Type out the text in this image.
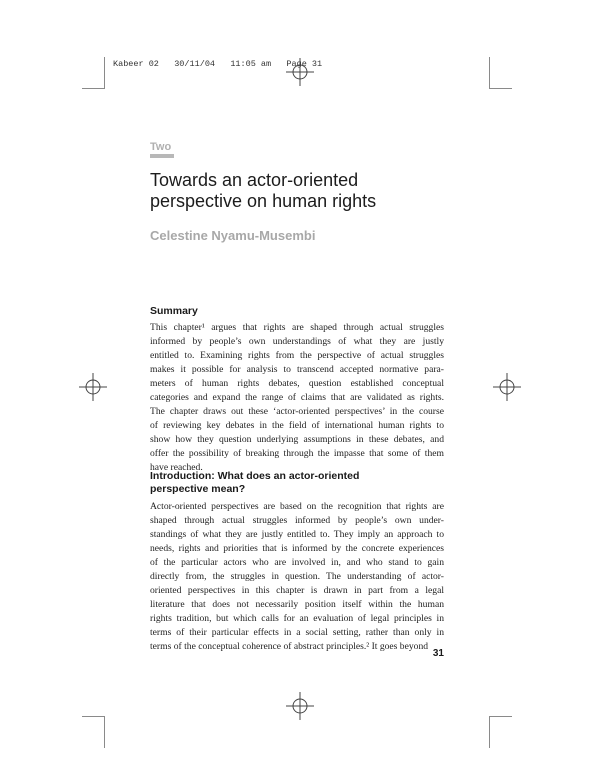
Kabeer 02   30/11/04   11:05 am   Page 31
Two
Towards an actor-oriented
perspective on human rights
Celestine Nyamu-Musembi
Summary
This chapter¹ argues that rights are shaped through actual struggles
informed by people’s own understandings of what they are justly
entitled to. Examining rights from the perspective of actual struggles
makes it possible for analysis to transcend accepted normative para-
meters of human rights debates, question established conceptual
categories and expand the range of claims that are validated as rights.
The chapter draws out these ‘actor-oriented perspectives’ in the course
of reviewing key debates in the field of international human rights to
show how they question underlying assumptions in these debates, and
offer the possibility of breaking through the impasse that some of them
have reached.
Introduction: What does an actor-oriented
perspective mean?
Actor-oriented perspectives are based on the recognition that rights are
shaped through actual struggles informed by people’s own under-
standings of what they are justly entitled to. They imply an approach to
needs, rights and priorities that is informed by the concrete experiences
of the particular actors who are involved in, and who stand to gain
directly from, the struggles in question. The understanding of actor-
oriented perspectives in this chapter is drawn in part from a legal
literature that does not necessarily position itself within the human
rights tradition, but which calls for an evaluation of legal principles in
terms of their particular effects in a social setting, rather than only in
terms of the conceptual coherence of abstract principles.² It goes beyond
31
